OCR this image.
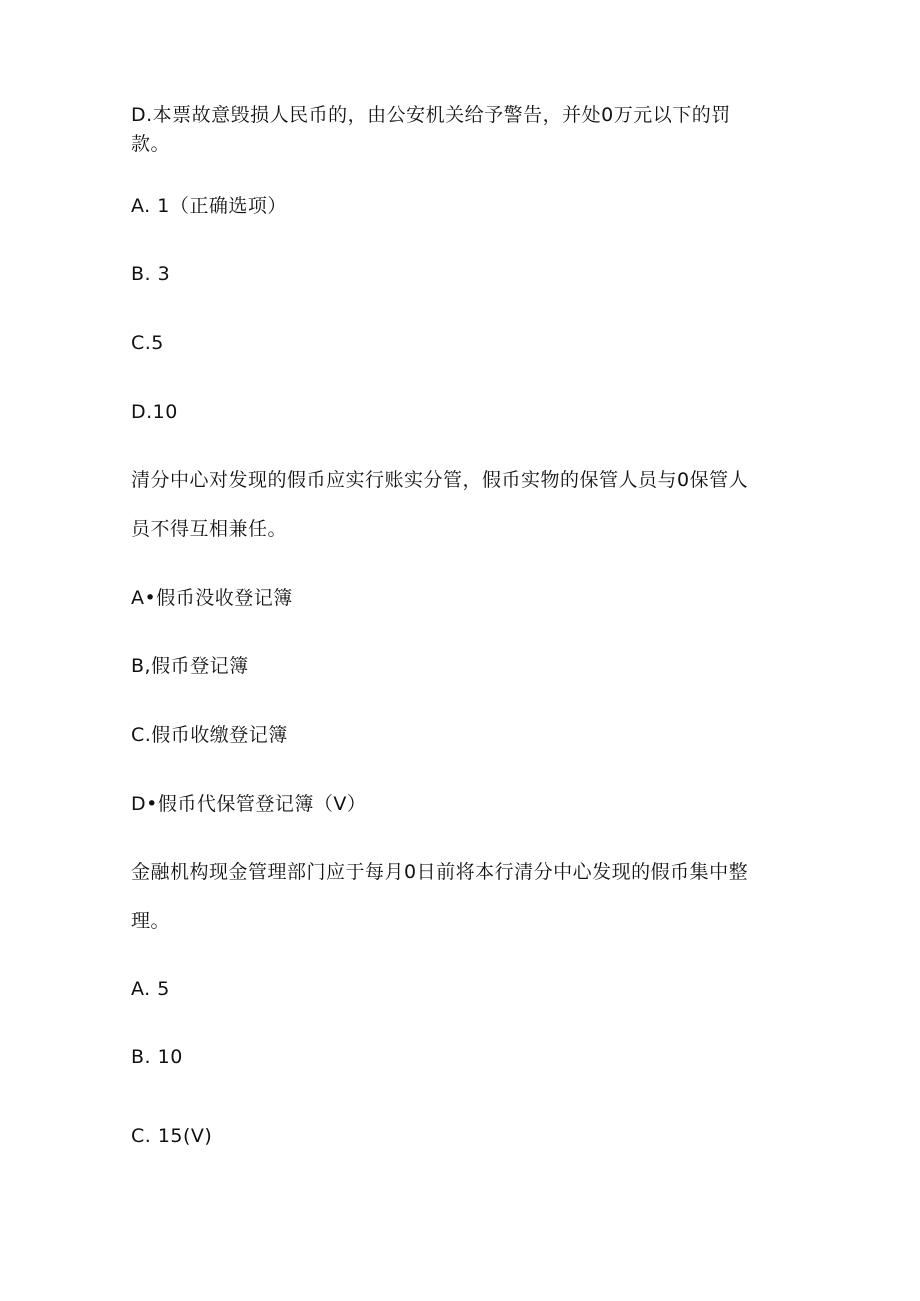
D.本票故意毁损人民币的，由公安机关给予警告，并处0万元以下的罚
款。
A. 1（正确选项）
B. 3
C.5
D.10
清分中心对发现的假币应实行账实分管，假币实物的保管人员与0保管人
员不得互相兼任。
A•假币没收登记簿
B,假币登记簿
C.假币收缴登记簿
D•假币代保管登记簿（V）
金融机构现金管理部门应于每月0日前将本行清分中心发现的假币集中整
理。
A. 5
B. 10
C. 15(V)
